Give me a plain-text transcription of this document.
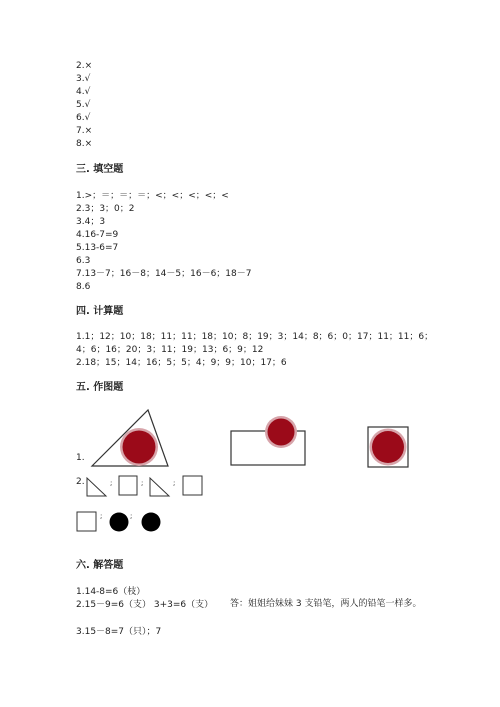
2.×
3.√
4.√
5.√
6.√
7.×
8.×
三. 填空题
1.>；＝；＝；＝；<；<；<；<；<
2.3；3；0；2
3.4；3
4.16-7=9
5.13-6=7
6.3
7.13－7；16－8；14－5；16－6；18－7
8.6
四. 计算题
1.1；12；10；18；11；11；18；10；8；19；3；14；8；6；0；17；11；11；6；4；6；16；20；3；11；19；13；6；9；12
2.18；15；14；16；5；5；4；9；9；10；17；6
五. 作图题
1.
2.	;	;	;
;	;
六. 解答题
1.14-8=6（枝）
2.15－9=6（支） 3+3=6（支） 答：姐姐给妹妹 3 支铅笔，两人的铅笔一样多。
3.15－8=7（只）；7
